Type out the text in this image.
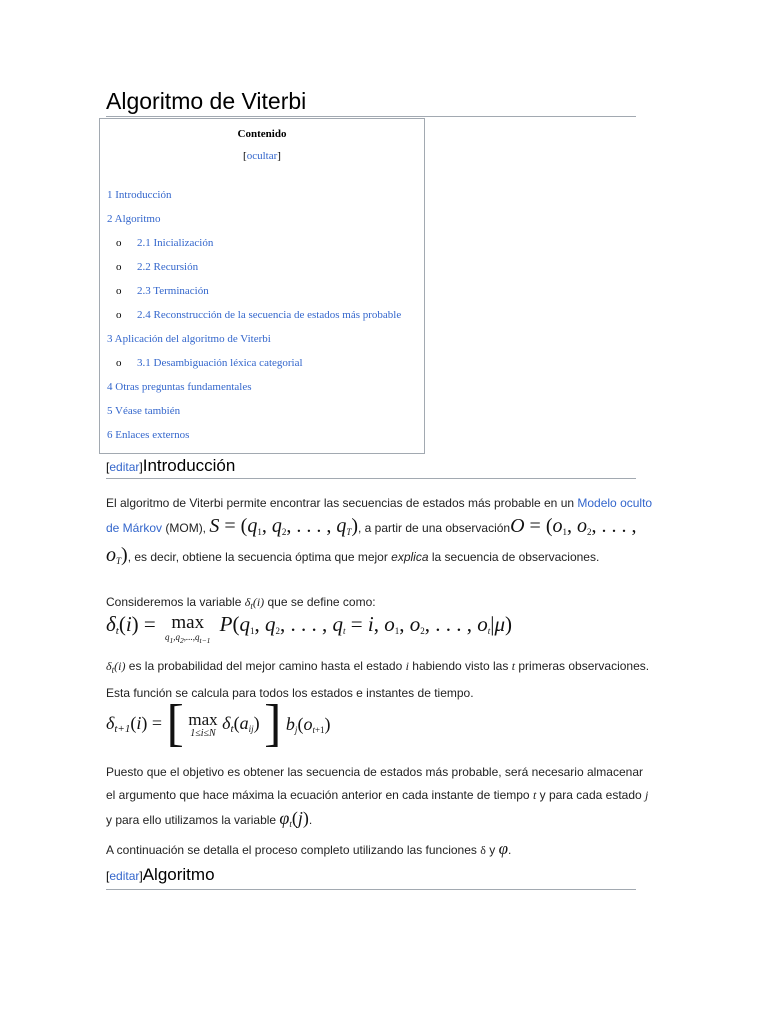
Algoritmo de Viterbi
Contenido
[ocultar]
1 Introducción
2 Algoritmo
o 2.1 Inicialización
o 2.2 Recursión
o 2.3 Terminación
o 2.4 Reconstrucción de la secuencia de estados más probable
3 Aplicación del algoritmo de Viterbi
o 3.1 Desambiguación léxica categorial
4 Otras preguntas fundamentales
5 Véase también
6 Enlaces externos
[editar]Introducción
El algoritmo de Viterbi permite encontrar las secuencias de estados más probable en un Modelo oculto de Márkov (MOM), S = (q1, q2, . . . , qT), a partir de una observaciónO = (o1, o2, . . . , oT), es decir, obtiene la secuencia óptima que mejor explica la secuencia de observaciones.
Consideremos la variable $\delta_t(i)$ que se define como:
$\delta_t(i) = \max$
$q_1,q_2,...,q_{t-1}$
P(q1, q2, . . . , qt = i, o1, o2, . . . , ot|μ)
$\delta_t(i)$ es la probabilidad del mejor camino hasta el estado i habiendo visto las t primeras observaciones. Esta función se calcula para todos los estados e instantes de tiempo.
$\delta_{t+1}(i)$ = [ max
1≤i≤N $\delta_t(aij)$ ] bj(ot+1)
Puesto que el objetivo es obtener las secuencia de estados más probable, será necesario almacenar el argumento que hace máxima la ecuación anterior en cada instante de tiempo t y para cada estado j y para ello utilizamos la variable φt(j).
A continuación se detalla el proceso completo utilizando las funciones δ y φ.
[editar]Algoritmo
